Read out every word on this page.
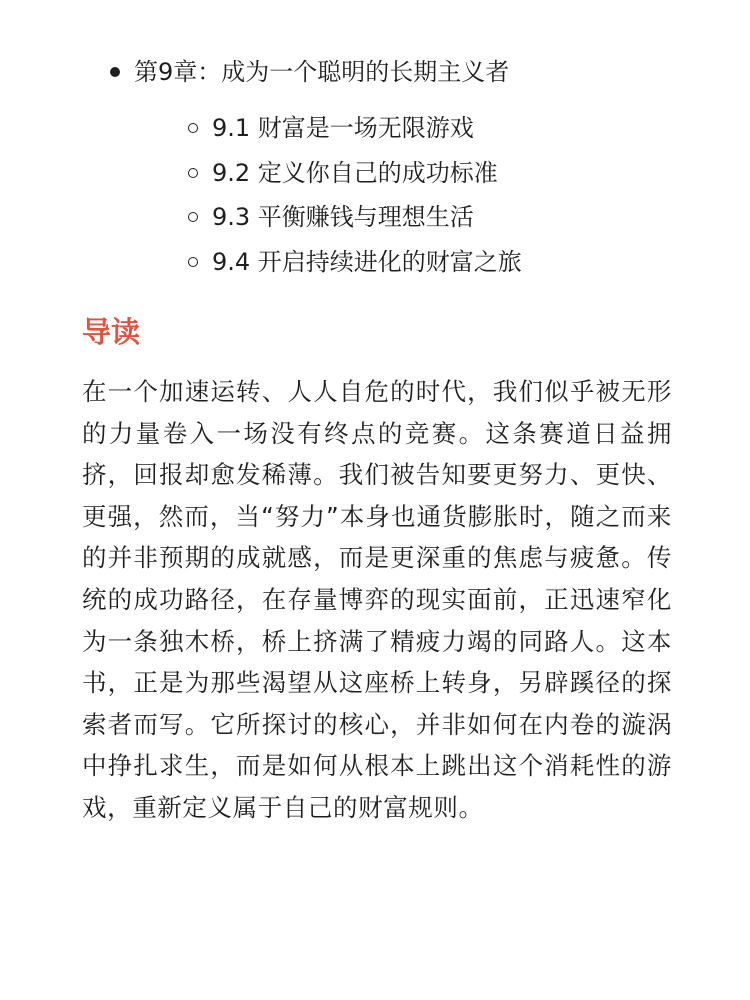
第9章：成为一个聪明的长期主义者
9.1 财富是一场无限游戏
9.2 定义你自己的成功标准
9.3 平衡赚钱与理想生活
9.4 开启持续进化的财富之旅
导读

在一个加速运转、人人自危的时代，我们似乎被无形的力量卷入一场没有终点的竞赛。这条赛道日益拥挤，回报却愈发稀薄。我们被告知要更努力、更快、更强，然而，当“努力”本身也通货膨胀时，随之而来的并非预期的成就感，而是更深重的焦虑与疲惫。传统的成功路径，在存量博弈的现实面前，正迅速窄化为一条独木桥，桥上挤满了精疲力竭的同路人。这本书，正是为那些渴望从这座桥上转身，另辟蹊径的探索者而写。它所探讨的核心，并非如何在内卷的漩涡中挣扎求生，而是如何从根本上跳出这个消耗性的游戏，重新定义属于自己的财富规则。
